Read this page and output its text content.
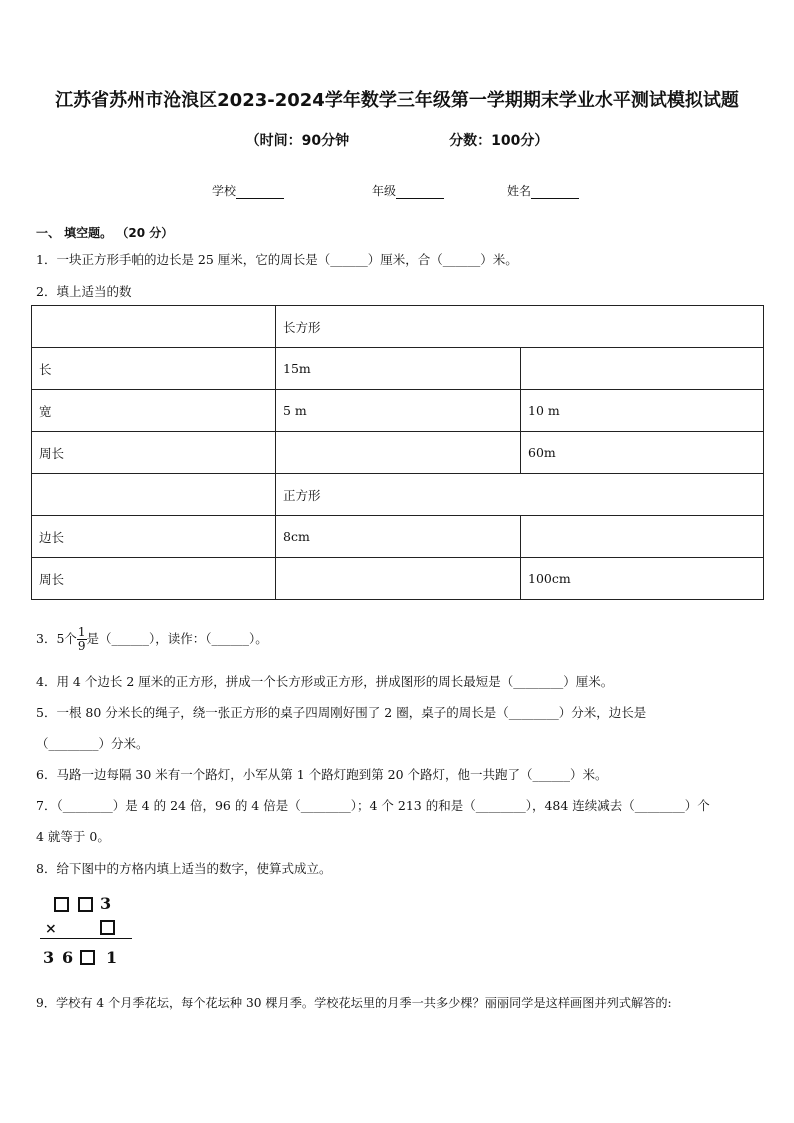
江苏省苏州市沧浪区2023-2024学年数学三年级第一学期期末学业水平测试模拟试题
（时间：90分钟	分数：100分）
学校	年级	姓名
一、 填空题。 （20 分）
1．一块正方形手帕的边长是 25 厘米，它的周长是（______）厘米，合（______）米。
2．填上适当的数
	长方形	
长	15m	
宽	5 m	10 m
周长		60m
	正方形	
边长	8cm	
周长		100cm
3．5个 $\frac{1}{9}$ 是（______），读作：（______）。
4．用 4 个边长 2 厘米的正方形，拼成一个长方形或正方形，拼成图形的周长最短是（________）厘米。
5．一根 80 分米长的绳子，绕一张正方形的桌子四周刚好围了 2 圈，桌子的周长是（________）分米，边长是
（________）分米。
6．马路一边每隔 30 米有一个路灯，小军从第 1 个路灯跑到第 20 个路灯，他一共跑了（______）米。
7．（________）是 4 的 24 倍，96 的 4 倍是（________）；4 个 213 的和是（________），484 连续减去（________）个
4 就等于 0。
8．给下图中的方格内填上适当的数字，使算式成立。
3
×
3 6 1
9．学校有 4 个月季花坛，每个花坛种 30 棵月季。学校花坛里的月季一共多少棵？丽丽同学是这样画图并列式解答的:
